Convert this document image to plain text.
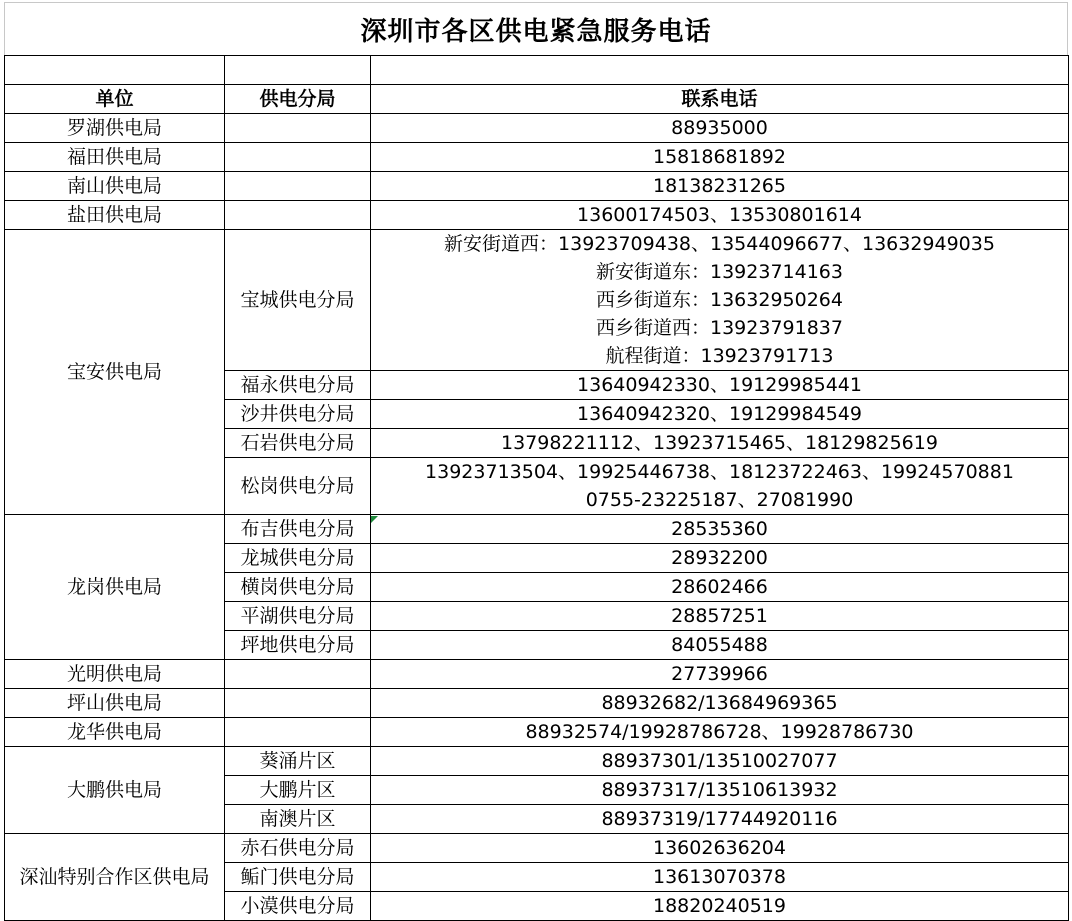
深圳市各区供电紧急服务电话

单位	供电分局	联系电话
罗湖供电局		88935000

福田供电局		15818681892

南山供电局		18138231265

盐田供电局		13600174503、13530801614

宝安供电局	宝城供电分局	新安街道西：13923709438、13544096677、13632949035
新安街道东：13923714163
西乡街道东：13632950264
西乡街道西：13923791837
航程街道：13923791713

	福永供电分局	13640942330、19129985441

	沙井供电分局	13640942320、19129984549

	石岩供电分局	13798221112、13923715465、18129825619

	松岗供电分局	13923713504、19925446738、18123722463、19924570881
0755-23225187、27081990

龙岗供电局	布吉供电分局	28535360

	龙城供电分局	28932200

	横岗供电分局	28602466

	平湖供电分局	28857251

	坪地供电分局	84055488

光明供电局		27739966

坪山供电局		88932682/13684969365

龙华供电局		88932574/19928786728、19928786730

大鹏供电局	葵涌片区	88937301/13510027077

	大鹏片区	88937317/13510613932

	南澳片区	88937319/17744920116

深汕特别合作区供电局	赤石供电分局	13602636204

	鲘门供电分局	13613070378

	小漠供电分局	18820240519
